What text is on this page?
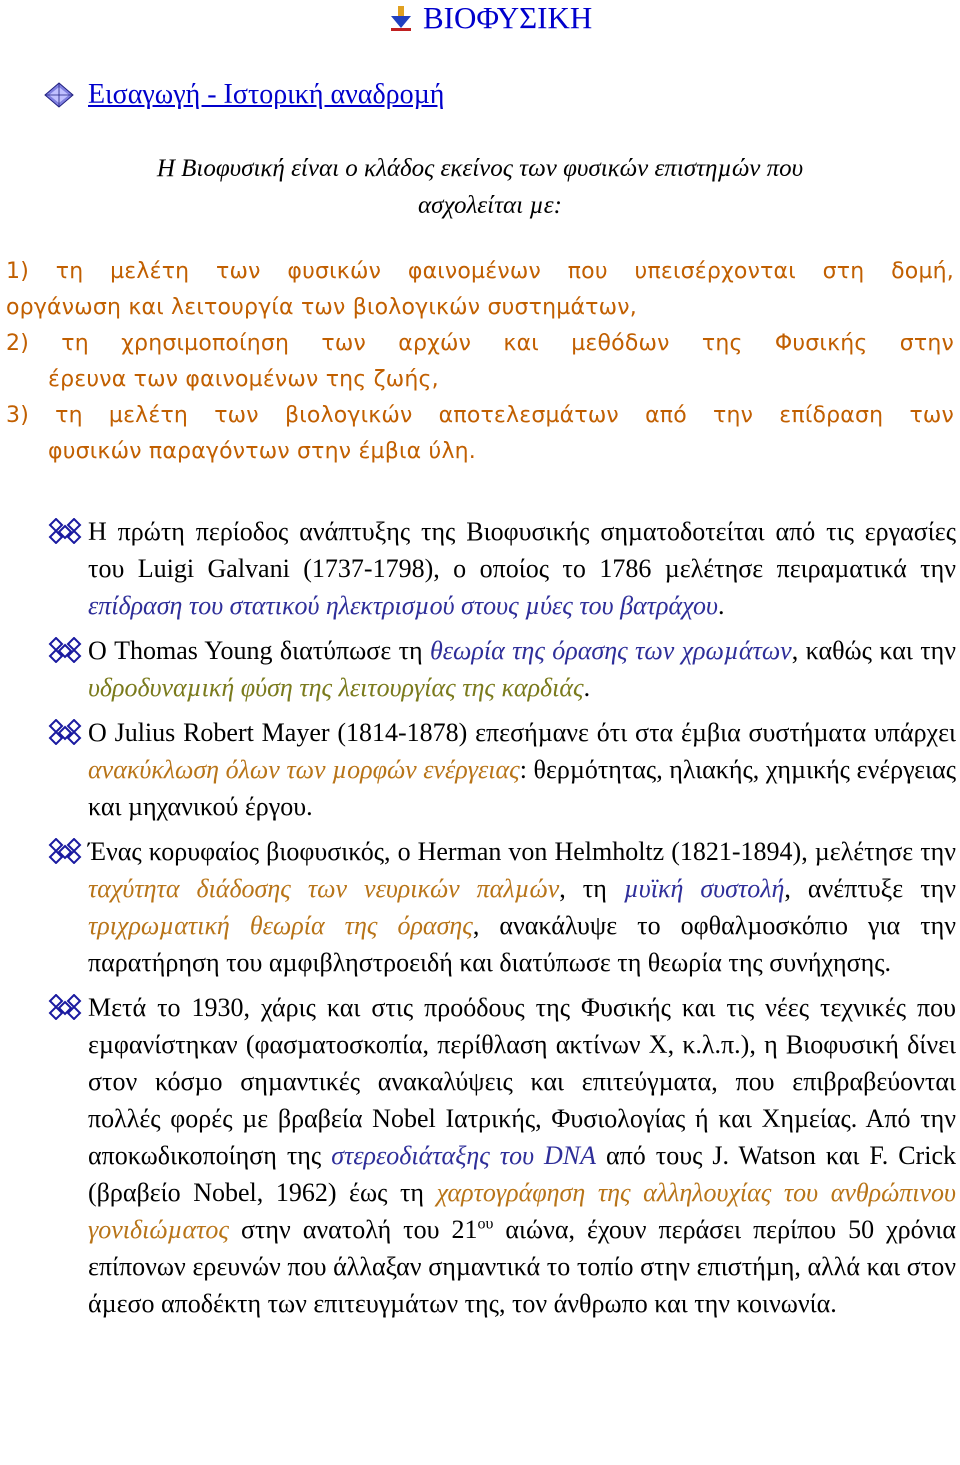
ΒΙΟΦΥΣΙΚΗ
Εισαγωγή - Ιστορική αναδροµή
Η Βιοφυσική είναι ο κλάδος εκείνος των φυσικών επιστηµών που
ασχολείται µε:
1) τη µελέτη των φυσικών φαινοµένων που υπεισέρχονται στη δοµή,
οργάνωση και λειτουργία των βιολογικών συστηµάτων,
2) τη χρησιµοποίηση των αρχών και µεθόδων της Φυσικής στην
έρευνα των φαινοµένων της ζωής,
3) τη µελέτη των βιολογικών αποτελεσµάτων από την επίδραση των
φυσικών παραγόντων στην έµβια ύλη.
Η πρώτη περίοδος ανάπτυξης της Βιοφυσικής σηµατοδοτείται από τις εργασίες του Luigi Galvani (1737-1798), ο οποίος το 1786 µελέτησε πειραµατικά την επίδραση του στατικού ηλεκτρισµού στους µύες του βατράχου.
Ο Thomas Young διατύπωσε τη θεωρία της όρασης των χρωµάτων, καθώς και την υδροδυναµική φύση της λειτουργίας της καρδιάς.
Ο Julius Robert Mayer (1814-1878) επεσήµανε ότι στα έµβια συστήµατα υπάρχει ανακύκλωση όλων των µορφών ενέργειας: θερµότητας, ηλιακής, χηµικής ενέργειας και µηχανικού έργου.
Ένας κορυφαίος βιοφυσικός, ο Herman von Helmholtz (1821-1894), µελέτησε την ταχύτητα διάδοσης των νευρικών παλµών, τη µυϊκή συστολή, ανέπτυξε την τριχρωµατική θεωρία της όρασης, ανακάλυψε το οφθαλµοσκόπιο για την παρατήρηση του αµφιβληστροειδή και διατύπωσε τη θεωρία της συνήχησης.
Μετά το 1930, χάρις και στις προόδους της Φυσικής και τις νέες τεχνικές που εµφανίστηκαν (φασµατοσκοπία, περίθλαση ακτίνων Χ, κ.λ.π.), η Βιοφυσική δίνει στον κόσµο σηµαντικές ανακαλύψεις και επιτεύγµατα, που επιβραβεύονται πολλές φορές µε βραβεία Nobel Ιατρικής, Φυσιολογίας ή και Χηµείας. Από την αποκωδικοποίηση της στερεοδιάταξης του DNA από τους J. Watson και F. Crick (βραβείο Nobel, 1962) έως τη χαρτογράφηση της αλληλουχίας του ανθρώπινου γονιδιώµατος στην ανατολή του $21^{o\upsilon}$ αιώνα, έχουν περάσει περίπου 50 χρόνια επίπονων ερευνών που άλλαξαν σηµαντικά το τοπίο στην επιστήµη, αλλά και στον άµεσο αποδέκτη των επιτευγµάτων της, τον άνθρωπο και την κοινωνία.
